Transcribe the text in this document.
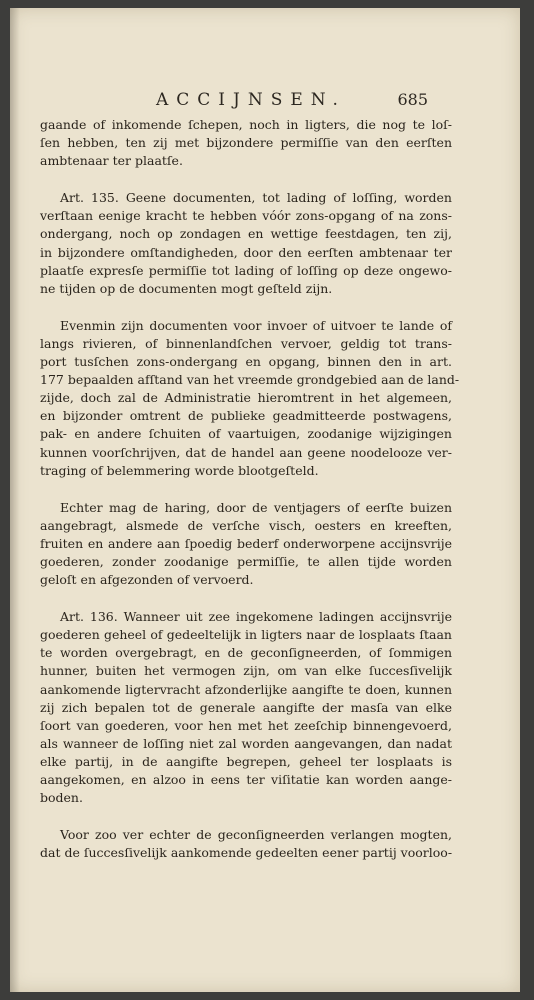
ACCIJNSEN.	685

gaande of inkomende ſchepen, noch in ligters, die nog te loſ-

ſen hebben, ten zij met bijzondere permiſſie van den eerſten

ambtenaar ter plaatſe.

Art. 135. Geene documenten, tot lading of loſſing, worden

verſtaan eenige kracht te hebben vóór zons-opgang of na zons-

ondergang, noch op zondagen en wettige feestdagen, ten zij,

in bijzondere omſtandigheden, door den eerſten ambtenaar ter

plaatſe expresſe permiſſie tot lading of loſſing op deze ongewo-

ne tijden op de documenten mogt geſteld zijn.

Evenmin zijn documenten voor invoer of uitvoer te lande of

langs rivieren, of binnenlandſchen vervoer, geldig tot trans-

port tusſchen zons-ondergang en opgang, binnen den in art.

177 bepaalden afſtand van het vreemde grondgebied aan de land-

zijde, doch zal de Administratie hieromtrent in het algemeen,

en bijzonder omtrent de publieke geadmitteerde postwagens,

pak- en andere ſchuiten of vaartuigen, zoodanige wijzigingen

kunnen voorſchrijven, dat de handel aan geene noodelooze ver-

traging of belemmering worde blootgeſteld.

Echter mag de haring, door de ventjagers of eerſte buizen

aangebragt, alsmede de verſche visch, oesters en kreeften,

fruiten en andere aan ſpoedig bederf onderworpene accijnsvrije

goederen, zonder zoodanige permiſſie, te allen tijde worden

geloſt en afgezonden of vervoerd.

Art. 136. Wanneer uit zee ingekomene ladingen accijnsvrije

goederen geheel of gedeeltelijk in ligters naar de losplaats ſtaan

te worden overgebragt, en de geconſigneerden, of ſommigen

hunner, buiten het vermogen zijn, om van elke ſuccesſivelijk

aankomende ligtervracht afzonderlijke aangifte te doen, kunnen

zij zich bepalen tot de generale aangifte der masſa van elke

ſoort van goederen, voor hen met het zeeſchip binnengevoerd,

als wanneer de loſſing niet zal worden aangevangen, dan nadat

elke partij, in de aangifte begrepen, geheel ter losplaats is

aangekomen, en alzoo in eens ter viſitatie kan worden aange-

boden.

Voor zoo ver echter de geconſigneerden verlangen mogten,

dat de ſuccesſivelijk aankomende gedeelten eener partij voorloo-
